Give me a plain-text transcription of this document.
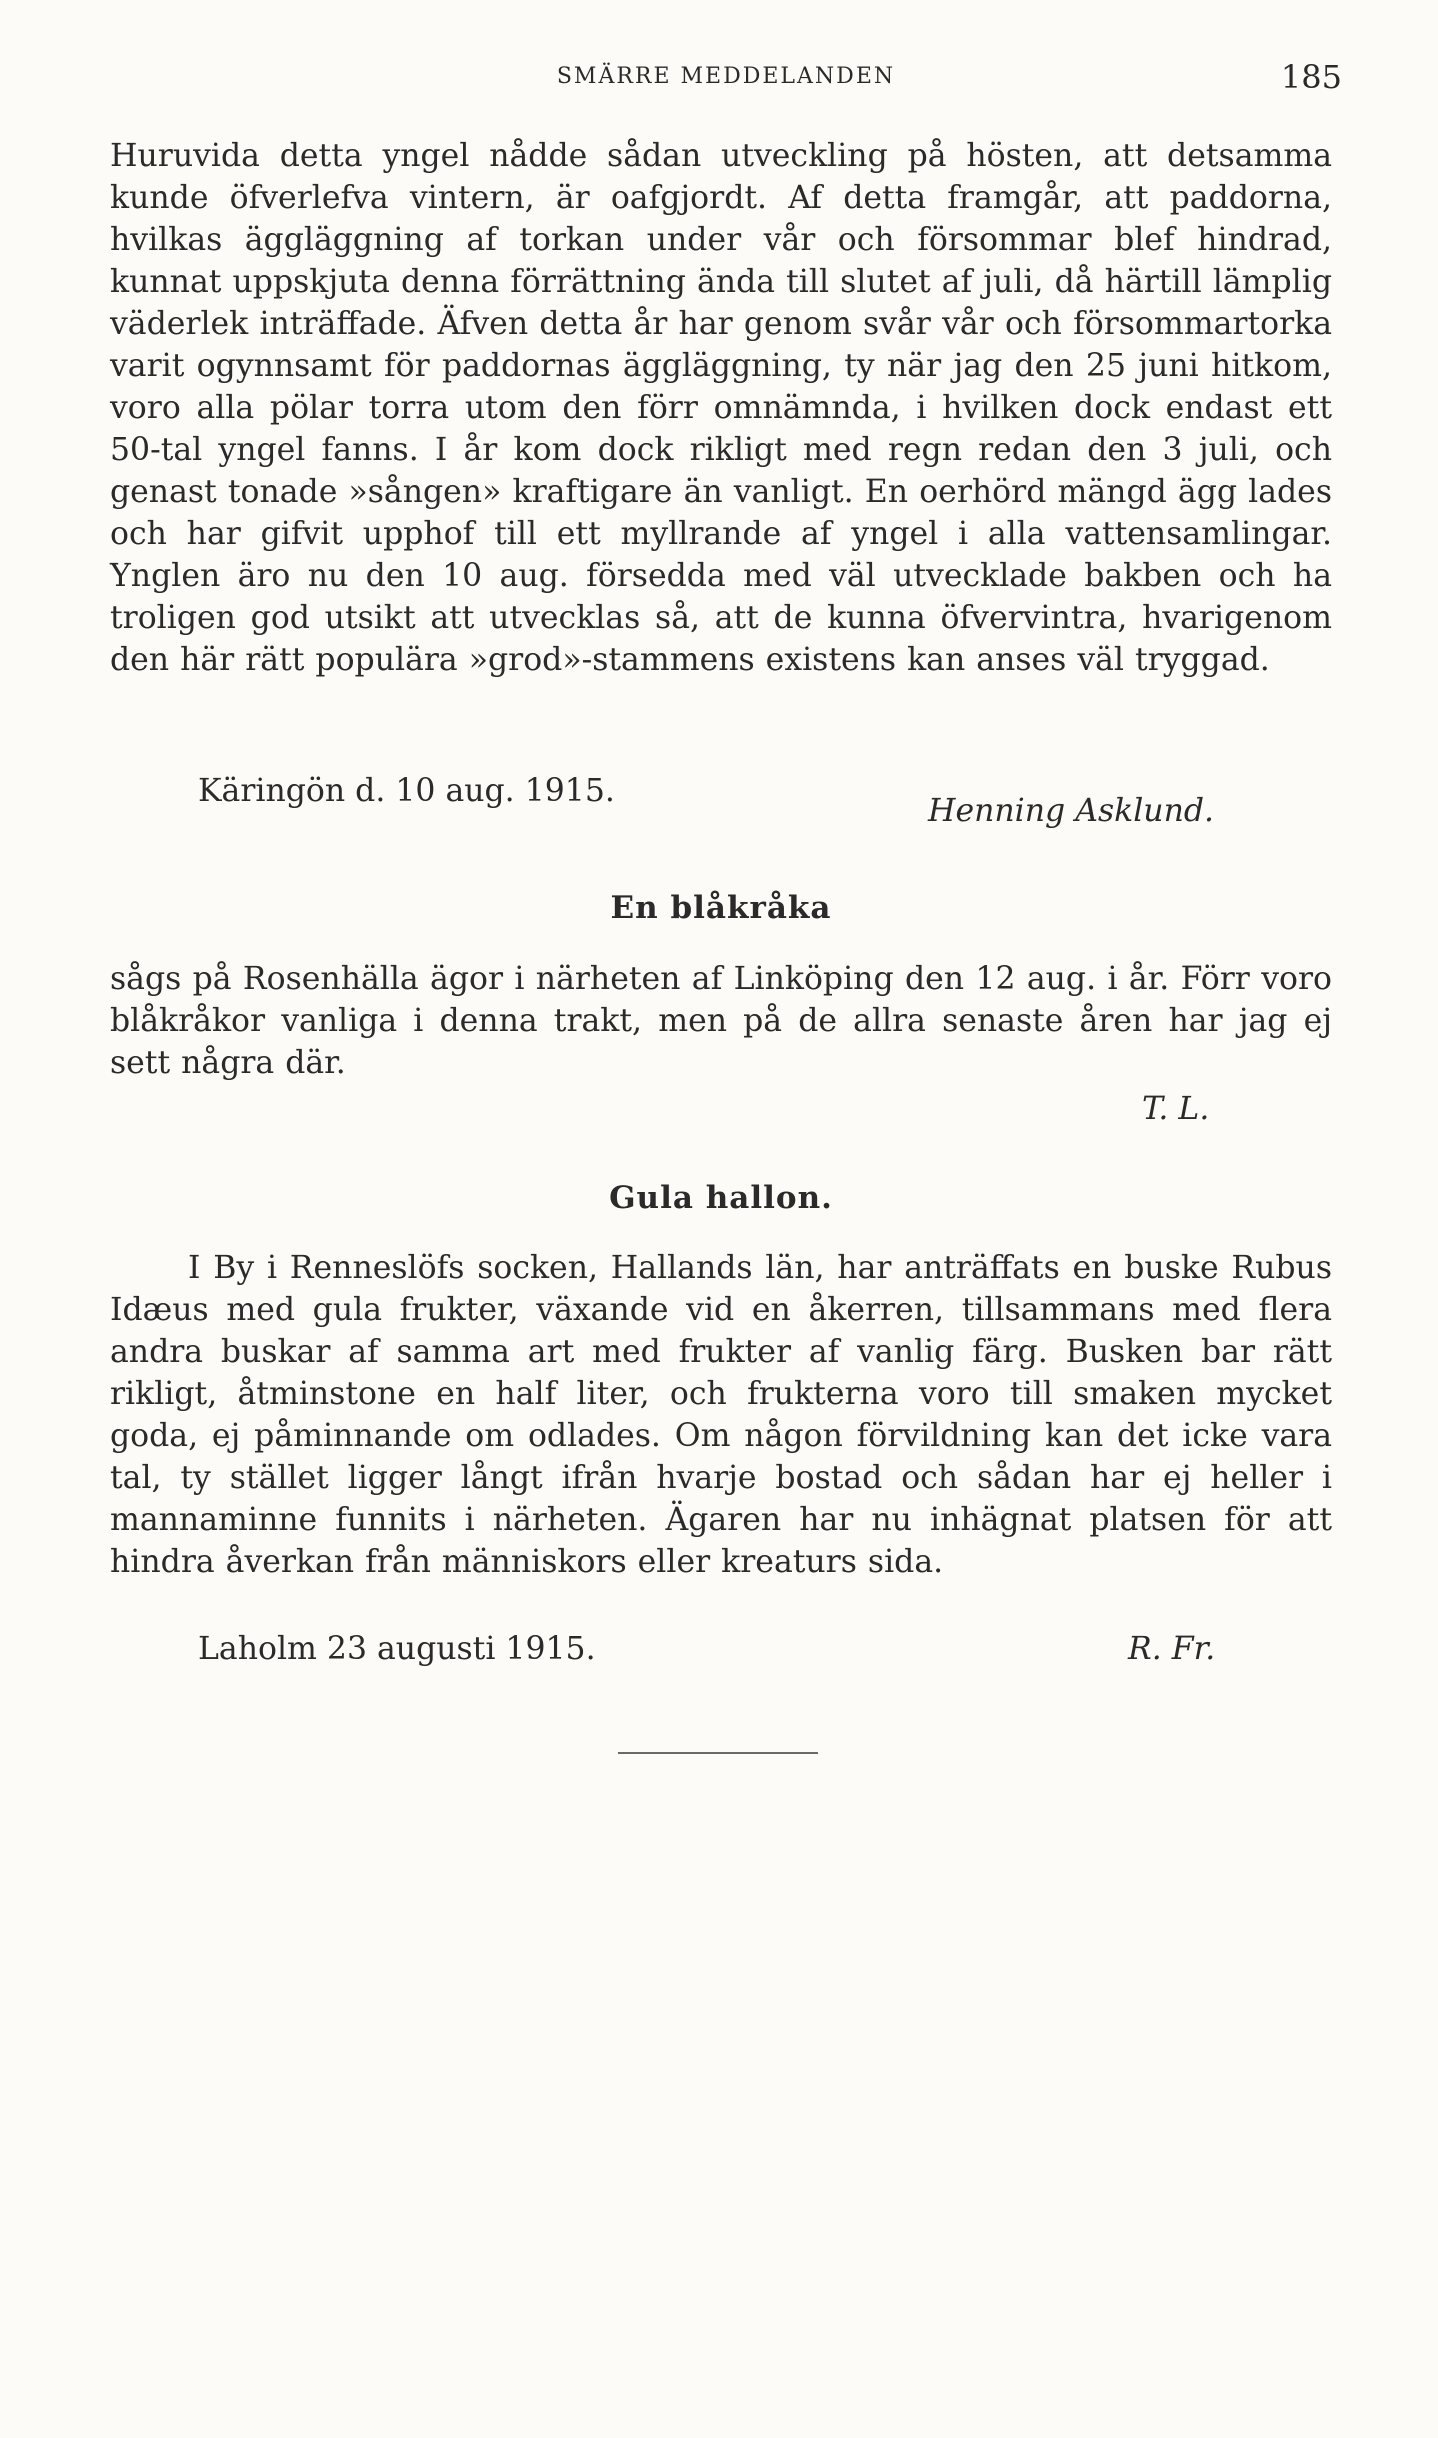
SMÄRRE MEDDELANDEN	185

Huruvida detta yngel nådde sådan utveckling på hösten, att detsamma kunde öfverlefva vintern, är oafgjordt. Af detta framgår, att paddorna, hvilkas äggläggning af torkan under vår och försommar blef hindrad, kunnat uppskjuta denna förrättning ända till slutet af juli, då härtill lämplig väderlek inträffade. Äfven detta år har genom svår vår och försommartorka varit ogynnsamt för paddornas äggläggning, ty när jag den 25 juni hitkom, voro alla pölar torra utom den förr omnämnda, i hvilken dock endast ett 50-tal yngel fanns. I år kom dock rikligt med regn redan den 3 juli, och genast tonade »sången» kraftigare än vanligt. En oerhörd mängd ägg lades och har gifvit upphof till ett myllrande af yngel i alla vattensamlingar. Ynglen äro nu den 10 aug. försedda med väl utvecklade bakben och ha troligen god utsikt att utvecklas så, att de kunna öfvervintra, hvarigenom den här rätt populära »grod»-stammens existens kan anses väl tryggad.

Käringön d. 10 aug. 1915.
Henning Asklund.
En blåkråka

sågs på Rosenhälla ägor i närheten af Linköping den 12 aug. i år. Förr voro blåkråkor vanliga i denna trakt, men på de allra senaste åren har jag ej sett några där.

T. L.
Gula hallon.

I By i Renneslöfs socken, Hallands län, har anträffats en buske Rubus Idæus med gula frukter, växande vid en åkerren, tillsammans med flera andra buskar af samma art med frukter af vanlig färg. Busken bar rätt rikligt, åtminstone en half liter, och frukterna voro till smaken mycket goda, ej påminnande om odlades. Om någon förvildning kan det icke vara tal, ty stället ligger långt ifrån hvarje bostad och sådan har ej heller i mannaminne funnits i närheten. Ägaren har nu inhägnat platsen för att hindra åverkan från människors eller kreaturs sida.

Laholm 23 augusti 1915.	R. Fr.
